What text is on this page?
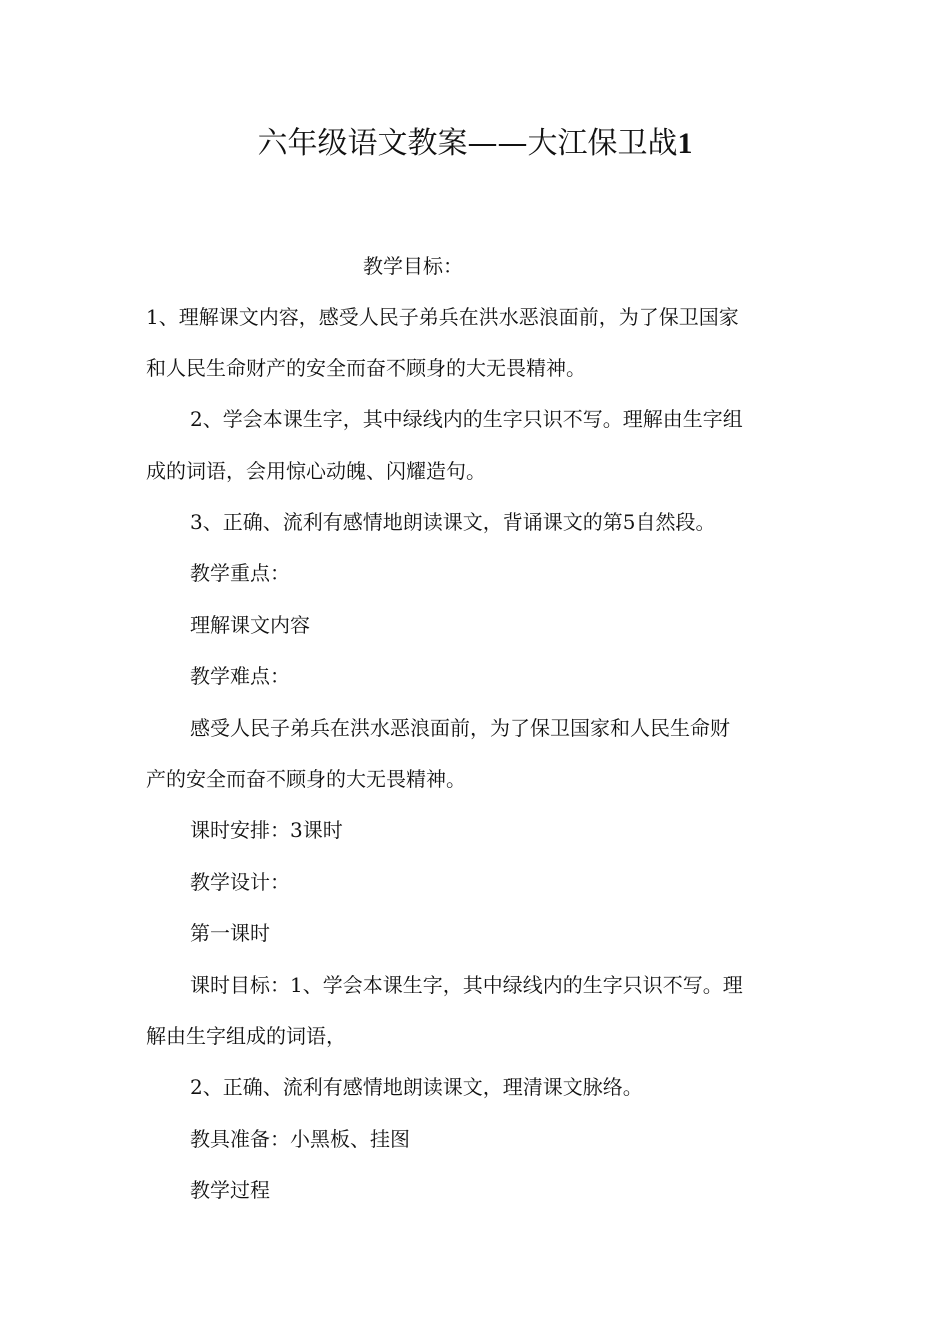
六年级语文教案——大江保卫战1
教学目标：
1、理解课文内容，感受人民子弟兵在洪水恶浪面前，为了保卫国家
和人民生命财产的安全而奋不顾身的大无畏精神。
2、学会本课生字，其中绿线内的生字只识不写。理解由生字组
成的词语，会用惊心动魄、闪耀造句。
3、正确、流利有感情地朗读课文，背诵课文的第5自然段。
教学重点：
理解课文内容
教学难点：
感受人民子弟兵在洪水恶浪面前，为了保卫国家和人民生命财
产的安全而奋不顾身的大无畏精神。
课时安排：3课时
教学设计：
第一课时
课时目标：1、学会本课生字，其中绿线内的生字只识不写。理
解由生字组成的词语，
2、正确、流利有感情地朗读课文，理清课文脉络。
教具准备：小黑板、挂图
教学过程
